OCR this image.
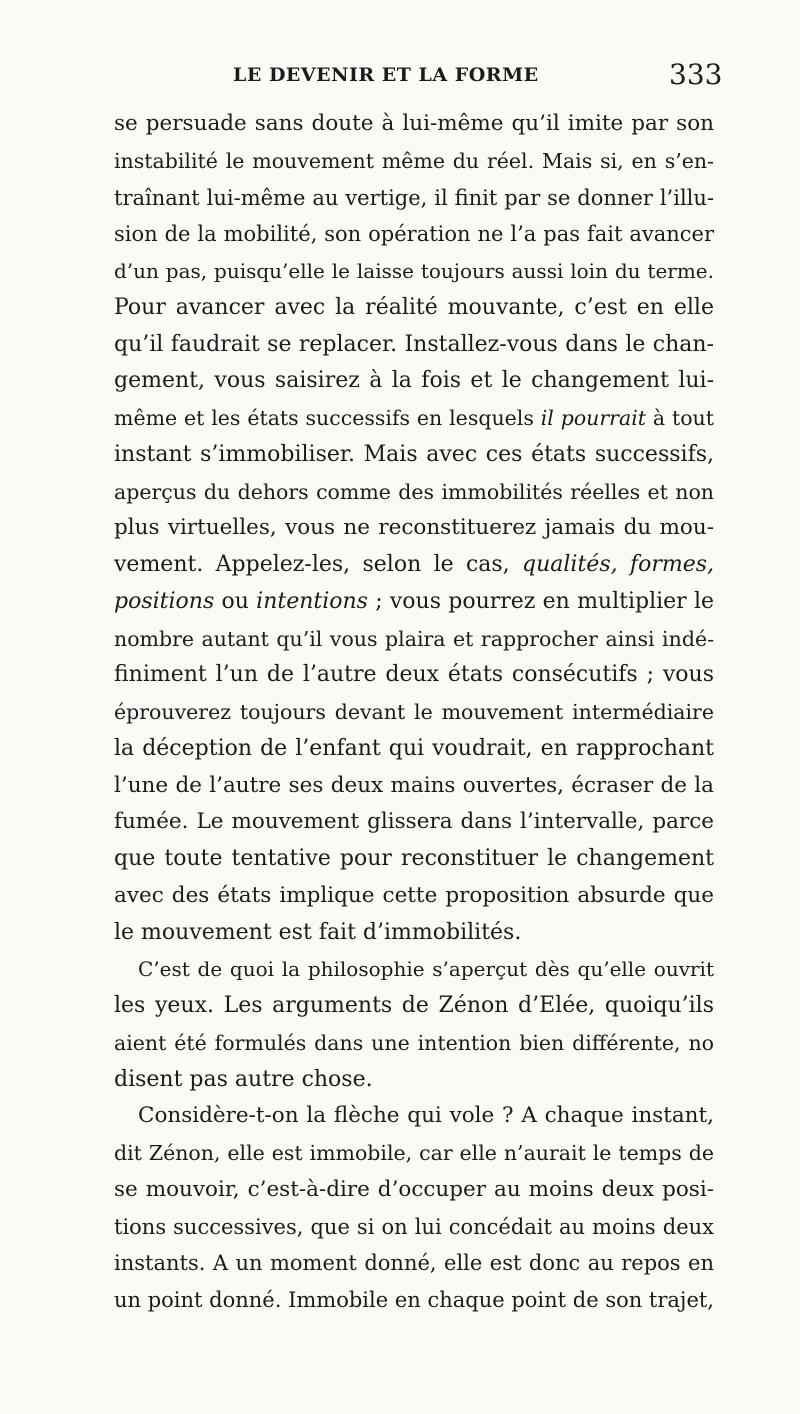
LE DEVENIR ET LA FORME	333
se persuade sans doute à lui-même qu’il imite par son
instabilité le mouvement même du réel. Mais si, en s’en-
traînant lui-même au vertige, il finit par se donner l’illu-
sion de la mobilité, son opération ne l’a pas fait avancer
d’un pas, puisqu’elle le laisse toujours aussi loin du terme.
Pour avancer avec la réalité mouvante, c’est en elle
qu’il faudrait se replacer. Installez-vous dans le chan-
gement, vous saisirez à la fois et le changement lui-
même et les états successifs en lesquels il pourrait à tout
instant s’immobiliser. Mais avec ces états successifs,
aperçus du dehors comme des immobilités réelles et non
plus virtuelles, vous ne reconstituerez jamais du mou-
vement. Appelez-les, selon le cas, qualités, formes,
positions ou intentions ; vous pourrez en multiplier le
nombre autant qu’il vous plaira et rapprocher ainsi indé-
finiment l’un de l’autre deux états consécutifs ; vous
éprouverez toujours devant le mouvement intermédiaire
la déception de l’enfant qui voudrait, en rapprochant
l’une de l’autre ses deux mains ouvertes, écraser de la
fumée. Le mouvement glissera dans l’intervalle, parce
que toute tentative pour reconstituer le changement
avec des états implique cette proposition absurde que
le mouvement est fait d’immobilités.
C’est de quoi la philosophie s’aperçut dès qu’elle ouvrit
les yeux. Les arguments de Zénon d’Elée, quoiqu’ils
aient été formulés dans une intention bien différente, no
disent pas autre chose.
Considère-t-on la flèche qui vole ? A chaque instant,
dit Zénon, elle est immobile, car elle n’aurait le temps de
se mouvoir, c’est-à-dire d’occuper au moins deux posi-
tions successives, que si on lui concédait au moins deux
instants. A un moment donné, elle est donc au repos en
un point donné. Immobile en chaque point de son trajet,
